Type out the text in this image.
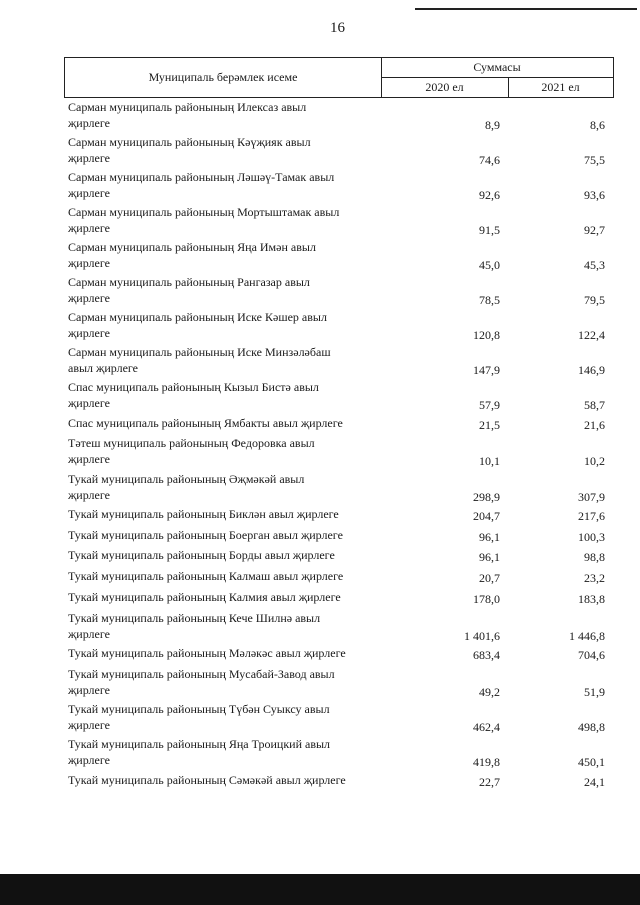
16
Муниципаль берәмлек исеме
Суммасы
2020 ел	2021 ел
Сарман муниципаль районының Илексаз авыл
җирлеге	8,9	8,6
Сарман муниципаль районының Кәүҗияк авыл
җирлеге	74,6	75,5
Сарман муниципаль районының Ләшәү-Тамак авыл
җирлеге	92,6	93,6
Сарман муниципаль районының Мортыштамак авыл
җирлеге	91,5	92,7
Сарман муниципаль районының Яңа Имән авыл
җирлеге	45,0	45,3
Сарман муниципаль районының Рангазар авыл
җирлеге	78,5	79,5
Сарман муниципаль районының Иске Кәшер авыл
җирлеге	120,8	122,4
Сарман муниципаль районының Иске Минзәләбаш
авыл җирлеге	147,9	146,9
Спас муниципаль районының Кызыл Бистә авыл
җирлеге	57,9	58,7
Спас муниципаль районының Ямбакты авыл җирлеге	21,5	21,6
Тәтеш муниципаль районының Федоровка авыл
җирлеге	10,1	10,2
Тукай муниципаль районының Әҗмәкәй авыл
җирлеге	298,9	307,9
Тукай муниципаль районының Биклән авыл җирлеге	204,7	217,6
Тукай муниципаль районының Боерган авыл җирлеге	96,1	100,3
Тукай муниципаль районының Борды авыл җирлеге	96,1	98,8
Тукай муниципаль районының Калмаш авыл җирлеге	20,7	23,2
Тукай муниципаль районының Калмия авыл җирлеге	178,0	183,8
Тукай муниципаль районының Кече Шилнә авыл
җирлеге	1 401,6	1 446,8
Тукай муниципаль районының Мәләкәс авыл җирлеге	683,4	704,6
Тукай муниципаль районының Мусабай-Завод авыл
җирлеге	49,2	51,9
Тукай муниципаль районының Түбән Суыксу авыл
җирлеге	462,4	498,8
Тукай муниципаль районының Яңа Троицкий авыл
җирлеге	419,8	450,1
Тукай муниципаль районының Сәмәкәй авыл җирлеге	22,7	24,1
